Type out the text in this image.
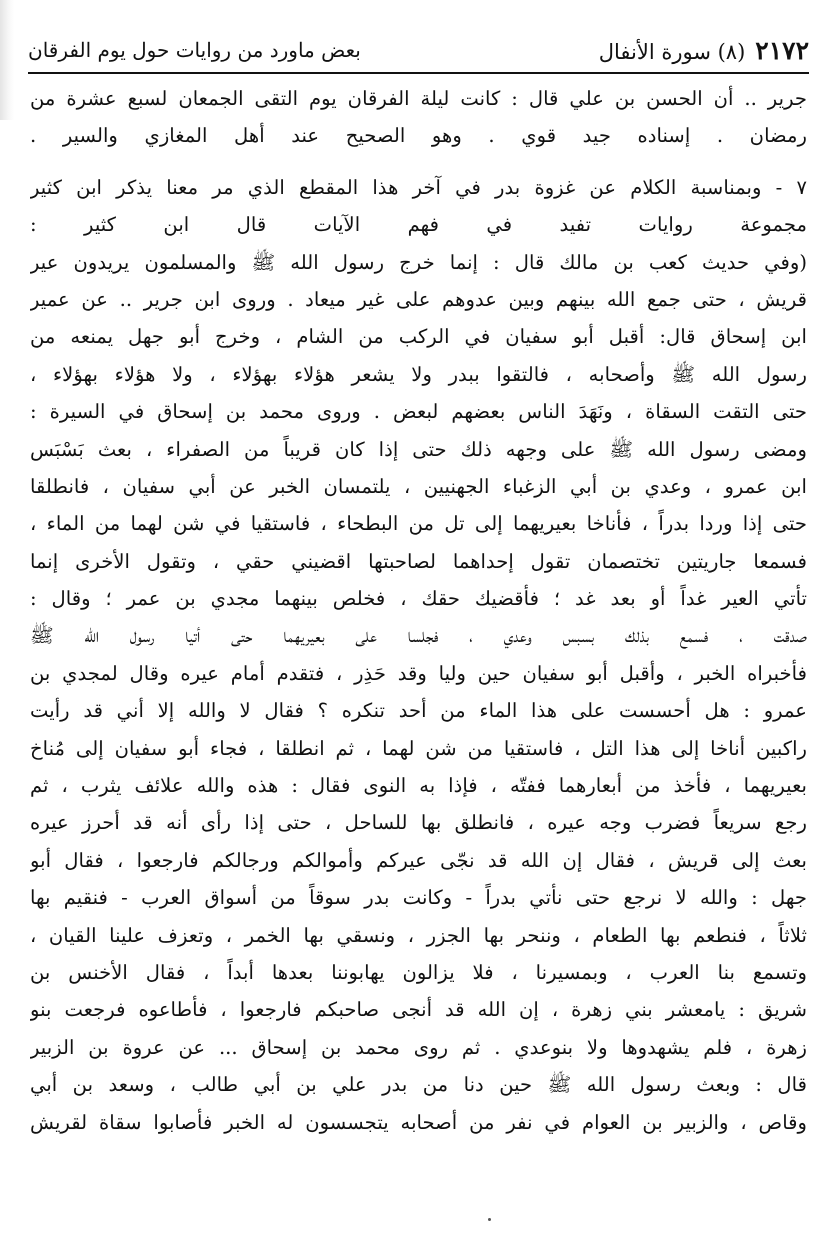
٢١٧٢
(٨) سورة الأنفال
بعض ماورد من روايات حول يوم الفرقان
جرير .. أن الحسن بن علي قال : كانت ليلة الفرقان يوم التقى الجمعان لسبع عشرة من
رمضان . إسناده جيد قوي . وهو الصحيح عند أهل المغازي والسير .
٧ - وبمناسبة الكلام عن غزوة بدر في آخر هذا المقطع الذي مر معنا يذكر ابن كثير
مجموعة روايات تفيد في فهم الآيات قال ابن كثير :
(وفي حديث كعب بن مالك قال : إنما خرج رسول الله ﷺ والمسلمون يريدون عير
قريش ، حتى جمع الله بينهم وبين عدوهم على غير ميعاد . وروى ابن جرير .. عن عمير
ابن إسحاق قال: أقبل أبو سفيان في الركب من الشام ، وخرج أبو جهل يمنعه من
رسول الله ﷺ وأصحابه ، فالتقوا ببدر ولا يشعر هؤلاء بهؤلاء ، ولا هؤلاء بهؤلاء ،
حتى التقت السقاة ، ونَهَدَ الناس بعضهم لبعض . وروى محمد بن إسحاق في السيرة :
ومضى رسول الله ﷺ على وجهه ذلك حتى إذا كان قريباً من الصفراء ، بعث بَسْبَس
ابن عمرو ، وعدي بن أبي الزغباء الجهنيين ، يلتمسان الخبر عن أبي سفيان ، فانطلقا
حتى إذا وردا بدراً ، فأناخا بعيريهما إلى تل من البطحاء ، فاستقيا في شن لهما من الماء ،
فسمعا جاريتين تختصمان تقول إحداهما لصاحبتها اقضيني حقي ، وتقول الأخرى إنما
تأتي العير غداً أو بعد غد ؛ فأقضيك حقك ، فخلص بينهما مجدي بن عمر ؛ وقال :
صدقت ، فسمع بذلك بسبس وعدي ، فجلسا على بعيريهما حتى أتيا رسول الله ﷺ
فأخبراه الخبر ، وأقبل أبو سفيان حين وليا وقد حَذِر ، فتقدم أمام عيره وقال لمجدي بن
عمرو : هل أحسست على هذا الماء من أحد تنكره ؟ فقال لا والله إلا أني قد رأيت
راكبين أناخا إلى هذا التل ، فاستقيا من شن لهما ، ثم انطلقا ، فجاء أبو سفيان إلى مُناخ
بعيريهما ، فأخذ من أبعارهما ففتّه ، فإذا به النوى فقال : هذه والله علائف يثرب ، ثم
رجع سريعاً فضرب وجه عيره ، فانطلق بها للساحل ، حتى إذا رأى أنه قد أحرز عيره
بعث إلى قريش ، فقال إن الله قد نجّى عيركم وأموالكم ورجالكم فارجعوا ، فقال أبو
جهل : والله لا نرجع حتى نأتي بدراً - وكانت بدر سوقاً من أسواق العرب - فنقيم بها
ثلاثاً ، فنطعم بها الطعام ، وننحر بها الجزر ، ونسقي بها الخمر ، وتعزف علينا القيان ،
وتسمع بنا العرب ، وبمسيرنا ، فلا يزالون يهابوننا بعدها أبداً ، فقال الأخنس بن
شريق : يامعشر بني زهرة ، إن الله قد أنجى صاحبكم فارجعوا ، فأطاعوه فرجعت بنو
زهرة ، فلم يشهدوها ولا بنوعدي . ثم روى محمد بن إسحاق ... عن عروة بن الزبير
قال : وبعث رسول الله ﷺ حين دنا من بدر علي بن أبي طالب ، وسعد بن أبي
وقاص ، والزبير بن العوام في نفر من أصحابه يتجسسون له الخبر فأصابوا سقاة لقريش
